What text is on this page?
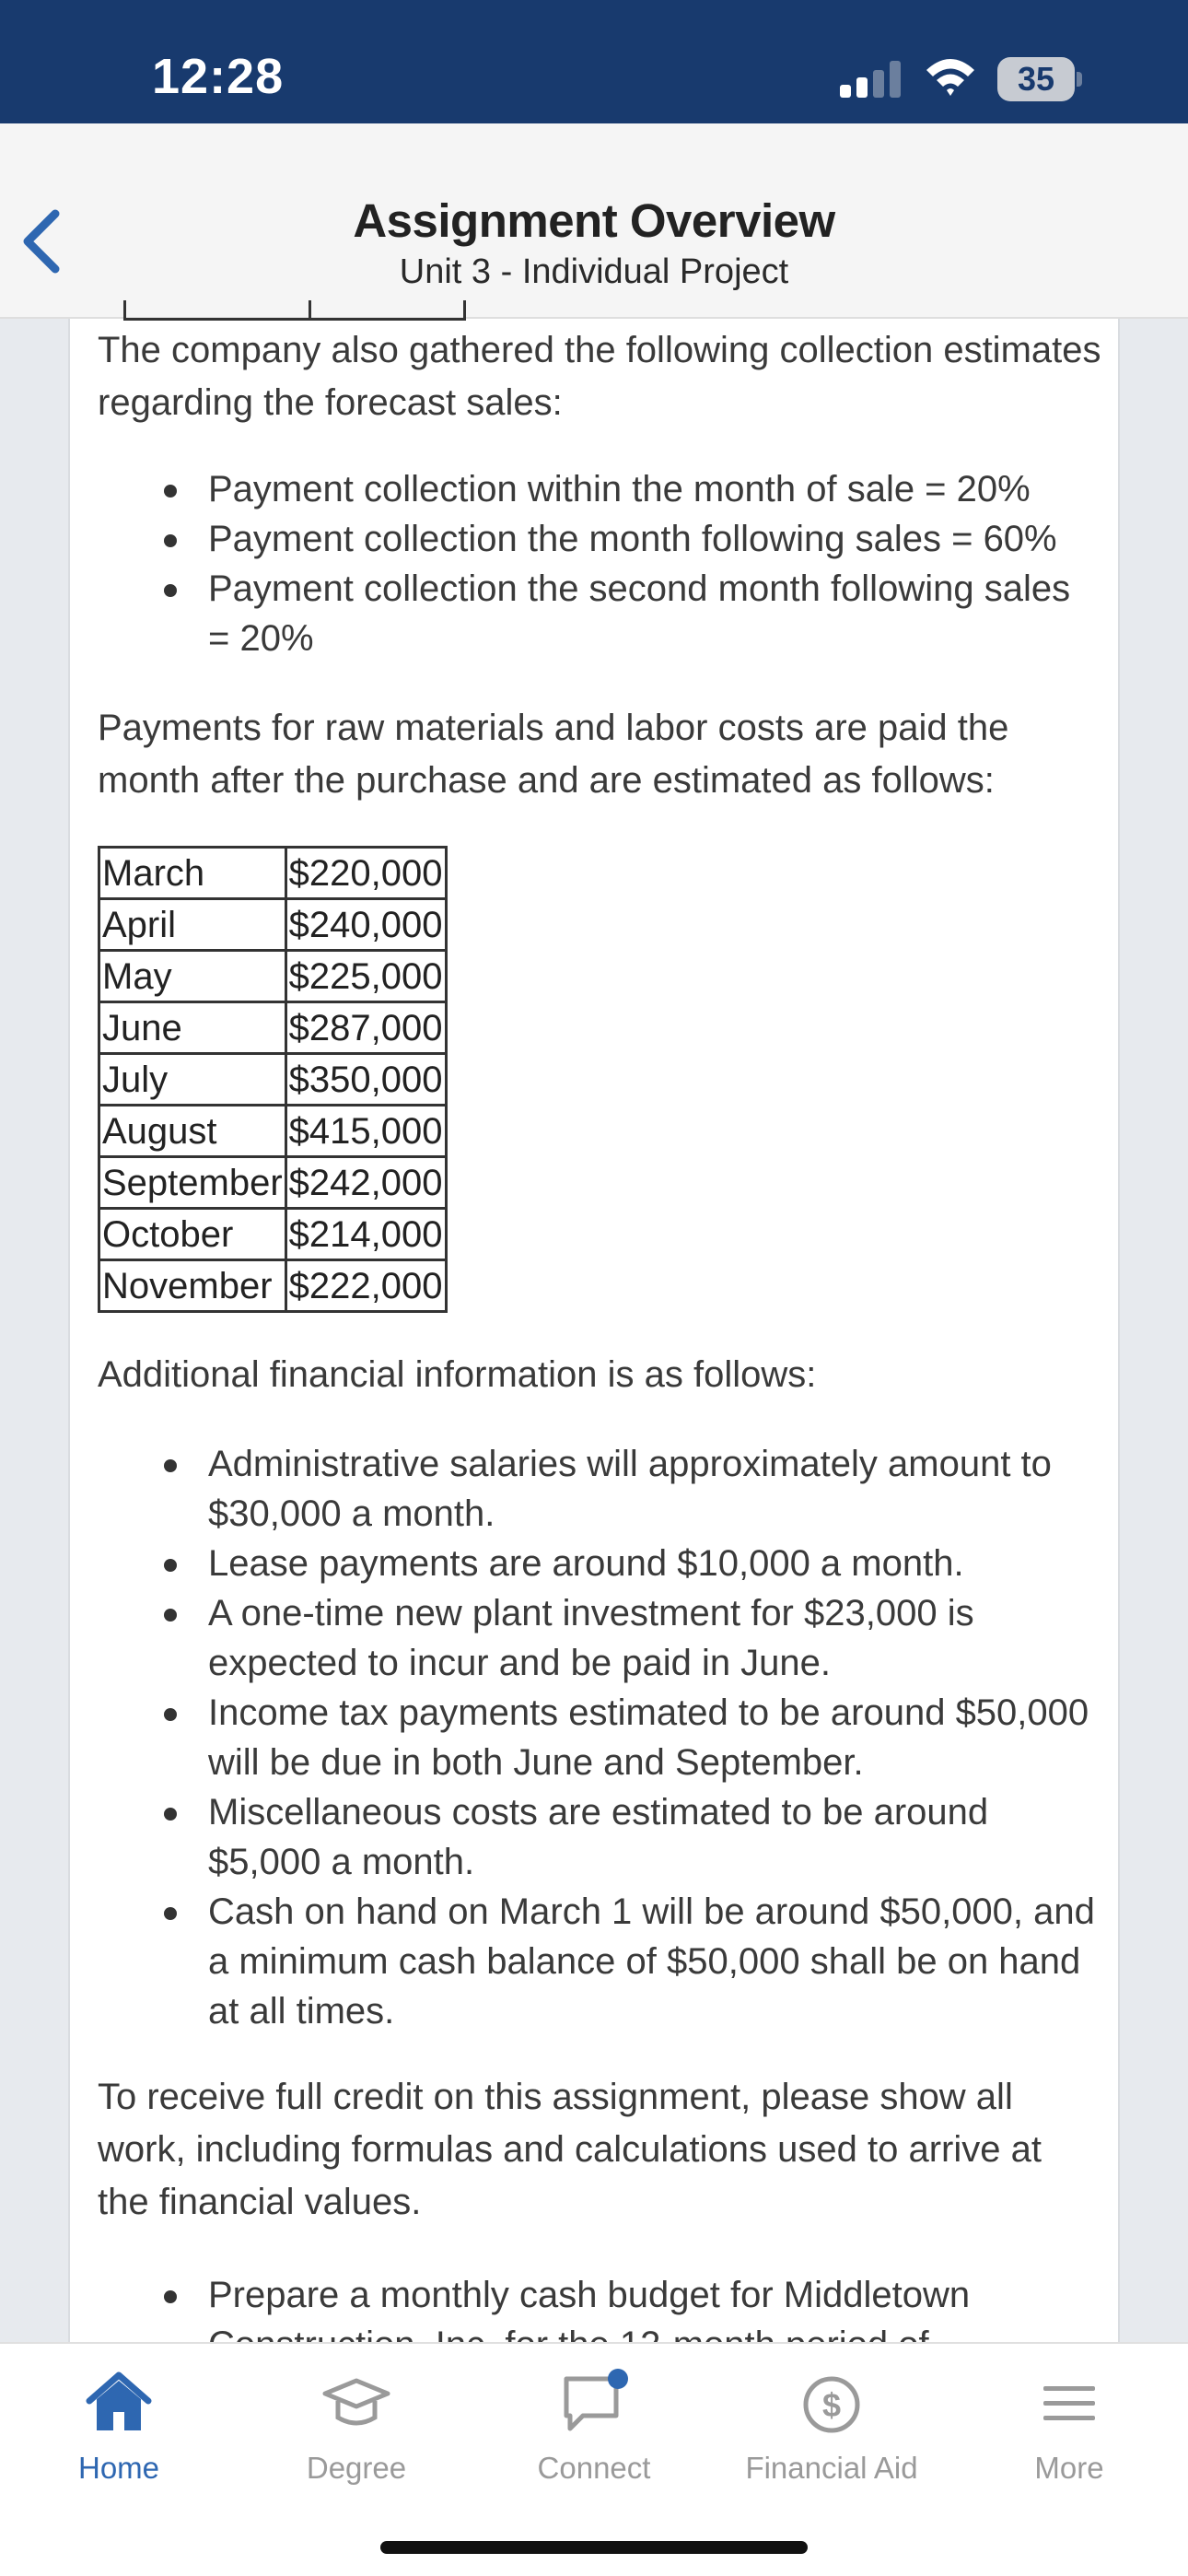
12:28	35
Assignment Overview
Unit 3 - Individual Project
The company also gathered the following collection estimates regarding the forecast sales:
Payment collection within the month of sale = 20%
Payment collection the month following sales = 60%
Payment collection the second month following sales = 20%
Payments for raw materials and labor costs are paid the month after the purchase and are estimated as follows:
March	$220,000
April	$240,000
May	$225,000
June	$287,000
July	$350,000
August	$415,000
September	$242,000
October	$214,000
November	$222,000
Additional financial information is as follows:
Administrative salaries will approximately amount to $30,000 a month.
Lease payments are around $10,000 a month.
A one-time new plant investment for $23,000 is expected to incur and be paid in June.
Income tax payments estimated to be around $50,000 will be due in both June and September.
Miscellaneous costs are estimated to be around $5,000 a month.
Cash on hand on March 1 will be around $50,000, and a minimum cash balance of $50,000 shall be on hand at all times.
To receive full credit on this assignment, please show all work, including formulas and calculations used to arrive at the financial values.
Prepare a monthly cash budget for Middletown
Home	Degree	Connect
$
Financial Aid	More
